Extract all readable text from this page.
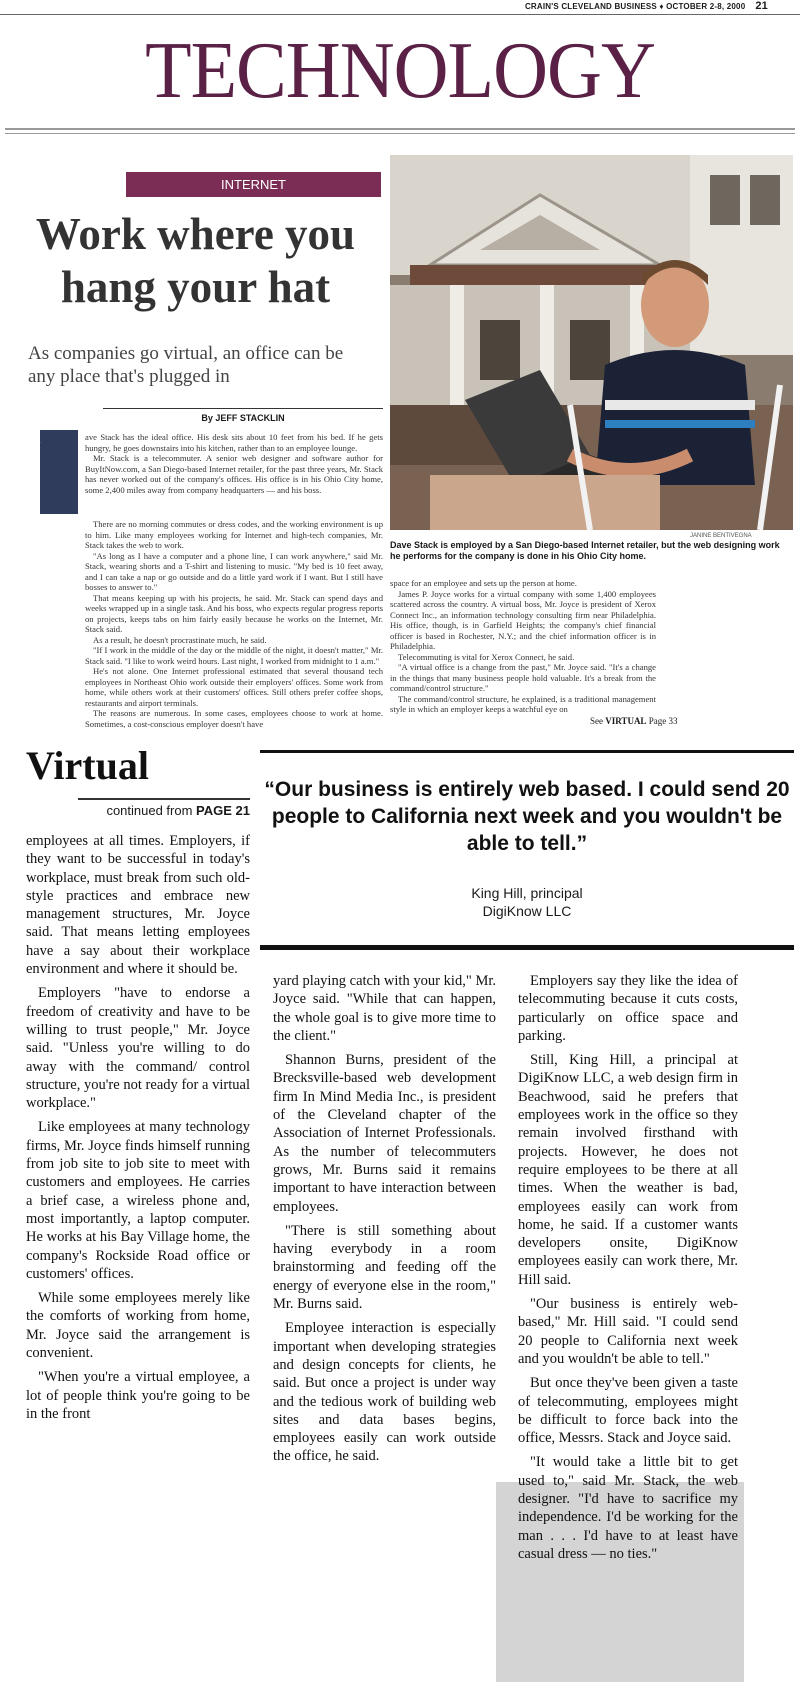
CRAIN'S CLEVELAND BUSINESS ♦ OCTOBER 2-8, 2000 21
TECHNOLOGY
INTERNET
Work where you hang your hat
As companies go virtual, an office can be any place that's plugged in
By JEFF STACKLIN
D

ave Stack has the ideal office. His desk sits about 10 feet from his bed. If he gets hungry, he goes downstairs into his kitchen, rather than to an employee lounge.

Mr. Stack is a telecommuter. A senior web designer and software author for BuyItNow.com, a San Diego-based Internet retailer, for the past three years, Mr. Stack has never worked out of the company's offices. His office is in his Ohio City home, some 2,400 miles away from company headquarters — and his boss.

There are no morning commutes or dress codes, and the working environment is up to him. Like many employees working for Internet and high-tech companies, Mr. Stack takes the web to work.

"As long as I have a computer and a phone line, I can work anywhere," said Mr. Stack, wearing shorts and a T-shirt and listening to music. "My bed is 10 feet away, and I can take a nap or go outside and do a little yard work if I want. But I still have bosses to answer to."

That means keeping up with his projects, he said. Mr. Stack can spend days and weeks wrapped up in a single task. And his boss, who expects regular progress reports on projects, keeps tabs on him fairly easily because he works on the Internet, Mr. Stack said.

As a result, he doesn't procrastinate much, he said.

"If I work in the middle of the day or the middle of the night, it doesn't matter," Mr. Stack said. "I like to work weird hours. Last night, I worked from midnight to 1 a.m."

He's not alone. One Internet professional estimated that several thousand tech employees in Northeast Ohio work outside their employers' offices. Some work from home, while others work at their customers' offices. Still others prefer coffee shops, restaurants and airport terminals.

The reasons are numerous. In some cases, employees choose to work at home. Sometimes, a cost-conscious employer doesn't have

JANINE BENTIVEGNA
Dave Stack is employed by a San Diego-based Internet retailer, but the web designing work he performs for the company is done in his Ohio City home.

space for an employee and sets up the person at home.

James P. Joyce works for a virtual company with some 1,400 employees scattered across the country. A virtual boss, Mr. Joyce is president of Xerox Connect Inc., an information technology consulting firm near Philadelphia. His office, though, is in Garfield Heights; the company's chief financial officer is based in Rochester, N.Y.; and the chief information officer is in Philadelphia.

Telecommuting is vital for Xerox Connect, he said.

"A virtual office is a change from the past," Mr. Joyce said. "It's a change in the things that many business people hold valuable. It's a break from the command/control structure."

The command/control structure, he explained, is a traditional management style in which an employer keeps a watchful eye on

See VIRTUAL Page 33
Virtual
continued from PAGE 21
“Our business is entirely web based. I could send 20 people to California next week and you wouldn't be able to tell.”
King Hill, principal
DigiKnow LLC

employees at all times. Employers, if they want to be successful in today's workplace, must break from such old-style practices and embrace new management structures, Mr. Joyce said. That means letting employees have a say about their workplace environment and where it should be.

Employers "have to endorse a freedom of creativity and have to be willing to trust people," Mr. Joyce said. "Unless you're willing to do away with the command/ control structure, you're not ready for a virtual workplace."

Like employees at many technology firms, Mr. Joyce finds himself running from job site to job site to meet with customers and employees. He carries a brief case, a wireless phone and, most importantly, a laptop computer. He works at his Bay Village home, the company's Rockside Road office or customers' offices.

While some employees merely like the comforts of working from home, Mr. Joyce said the arrangement is convenient.

"When you're a virtual employee, a lot of people think you're going to be in the front

yard playing catch with your kid," Mr. Joyce said. "While that can happen, the whole goal is to give more time to the client."

Shannon Burns, president of the Brecksville-based web development firm In Mind Media Inc., is president of the Cleveland chapter of the Association of Internet Professionals. As the number of telecommuters grows, Mr. Burns said it remains important to have interaction between employees.

"There is still something about having everybody in a room brainstorming and feeding off the energy of everyone else in the room," Mr. Burns said.

Employee interaction is especially important when developing strategies and design concepts for clients, he said. But once a project is under way and the tedious work of building web sites and data bases begins, employees easily can work outside the office, he said.

Employers say they like the idea of telecommuting because it cuts costs, particularly on office space and parking.

Still, King Hill, a principal at DigiKnow LLC, a web design firm in Beachwood, said he prefers that employees work in the office so they remain involved firsthand with projects. However, he does not require employees to be there at all times. When the weather is bad, employees easily can work from home, he said. If a customer wants developers onsite, DigiKnow employees easily can work there, Mr. Hill said.

"Our business is entirely web-based," Mr. Hill said. "I could send 20 people to California next week and you wouldn't be able to tell."

But once they've been given a taste of telecommuting, employees might be difficult to force back into the office, Messrs. Stack and Joyce said.

"It would take a little bit to get used to," said Mr. Stack, the web designer. "I'd have to sacrifice my independence. I'd be working for the man . . . I'd have to at least have casual dress — no ties."
